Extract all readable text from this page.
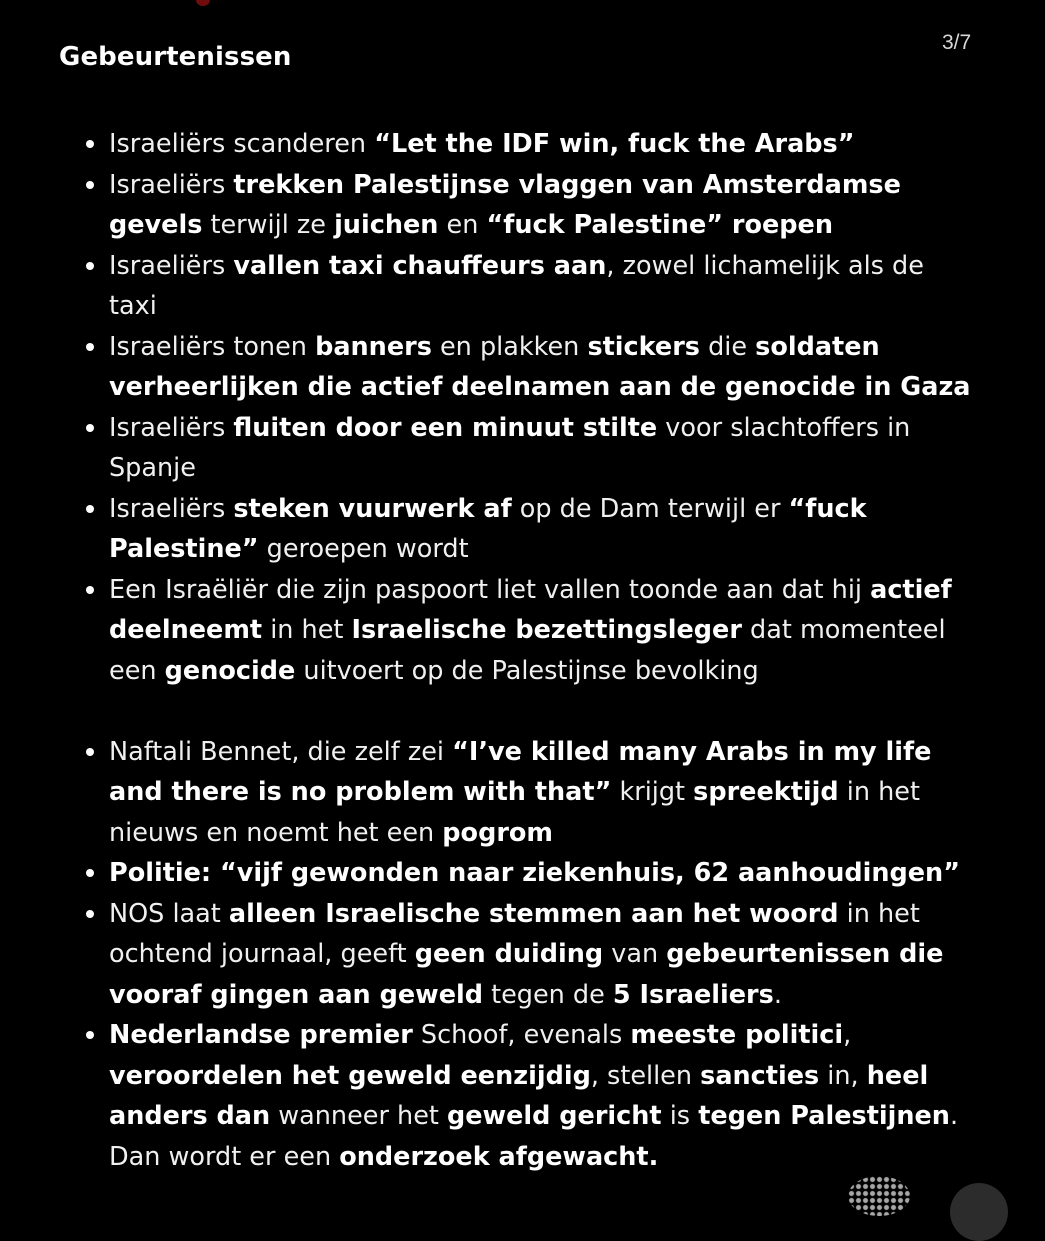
Gebeurtenissen	3/7
Israeliërs scanderen “Let the IDF win, fuck the Arabs”
Israeliërs trekken Palestijnse vlaggen van Amsterdamse gevels terwijl ze juichen en “fuck Palestine” roepen
Israeliërs vallen taxi chauffeurs aan, zowel lichamelijk als de taxi
Israeliërs tonen banners en plakken stickers die soldaten verheerlijken die actief deelnamen aan de genocide in Gaza
Israeliërs fluiten door een minuut stilte voor slachtoffers in Spanje
Israeliërs steken vuurwerk af op de Dam terwijl er “fuck Palestine” geroepen wordt
Een Israëliër die zijn paspoort liet vallen toonde aan dat hij actief deelneemt in het Israelische bezettingsleger dat momenteel een genocide uitvoert op de Palestijnse bevolking
Naftali Bennet, die zelf zei “I’ve killed many Arabs in my life and there is no problem with that” krijgt spreektijd in het nieuws en noemt het een pogrom
Politie: “vijf gewonden naar ziekenhuis, 62 aanhoudingen”
NOS laat alleen Israelische stemmen aan het woord in het ochtend journaal, geeft geen duiding van gebeurtenissen die vooraf gingen aan geweld tegen de 5 Israeliers.
Nederlandse premier Schoof, evenals meeste politici, veroordelen het geweld eenzijdig, stellen sancties in, heel anders dan wanneer het geweld gericht is tegen Palestijnen. Dan wordt er een onderzoek afgewacht.
